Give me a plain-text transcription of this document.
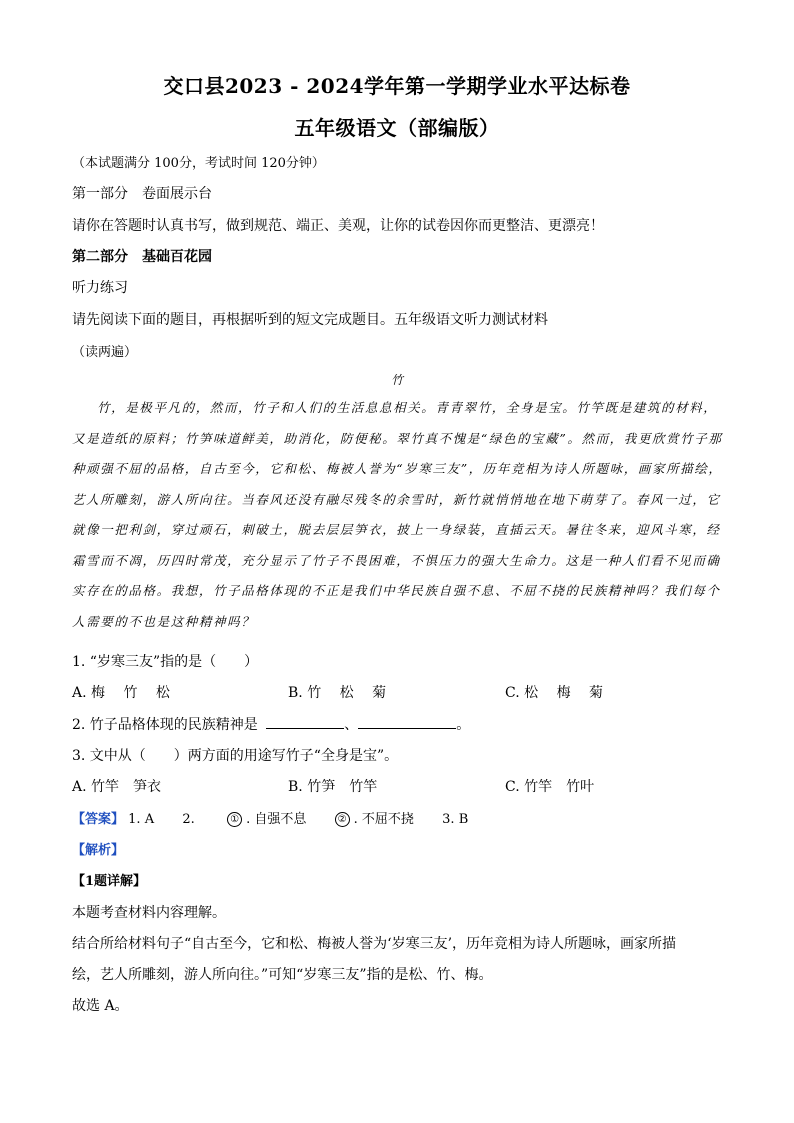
交口县2023 - 2024学年第一学期学业水平达标卷
五年级语文（部编版）
（本试题满分 100分，考试时间 120分钟）
第一部分　卷面展示台
请你在答题时认真书写，做到规范、端正、美观，让你的试卷因你而更整洁、更漂亮！
第二部分　基础百花园
听力练习
请先阅读下面的题目，再根据听到的短文完成题目。五年级语文听力测试材料
（读两遍）
竹

竹，是极平凡的，然而，竹子和人们的生活息息相关。青青翠竹，全身是宝。竹竿既是建筑的材料，

又是造纸的原料；竹笋味道鲜美，助消化，防便秘。翠竹真不愧是“绿色的宝藏”。然而，我更欣赏竹子那

种顽强不屈的品格，自古至今，它和松、梅被人誉为“岁寒三友”，历年竞相为诗人所题咏，画家所描绘，

艺人所雕刻，游人所向往。当春风还没有融尽残冬的余雪时，新竹就悄悄地在地下萌芽了。春风一过，它

就像一把利剑，穿过顽石，刺破土，脱去层层笋衣，披上一身绿装，直插云天。暑往冬来，迎风斗寒，经

霜雪而不凋，历四时常茂，充分显示了竹子不畏困难，不惧压力的强大生命力。这是一种人们看不见而确

实存在的品格。我想，竹子品格体现的不正是我们中华民族自强不息、不屈不挠的民族精神吗？我们每个

人需要的不也是这种精神吗？

1. “岁寒三友”指的是（　　）
A. 梅　 竹　 松	B. 竹　 松　 菊	C. 松　 梅　 菊
2. 竹子品格体现的民族精神是	、	。
3. 文中从（　　）两方面的用途写竹子“全身是宝”。
A. 竹竿　笋衣	B. 竹笋　竹竿	C. 竹竿　竹叶
【答案】 1. A 2.	① . 自强不息	② . 不屈不挠 3. B
【解析】
【1题详解】
本题考查材料内容理解。
结合所给材料句子“自古至今，它和松、梅被人誉为‘岁寒三友’，历年竞相为诗人所题咏，画家所描
绘，艺人所雕刻，游人所向往。”可知“岁寒三友”指的是松、竹、梅。
故选 A。
